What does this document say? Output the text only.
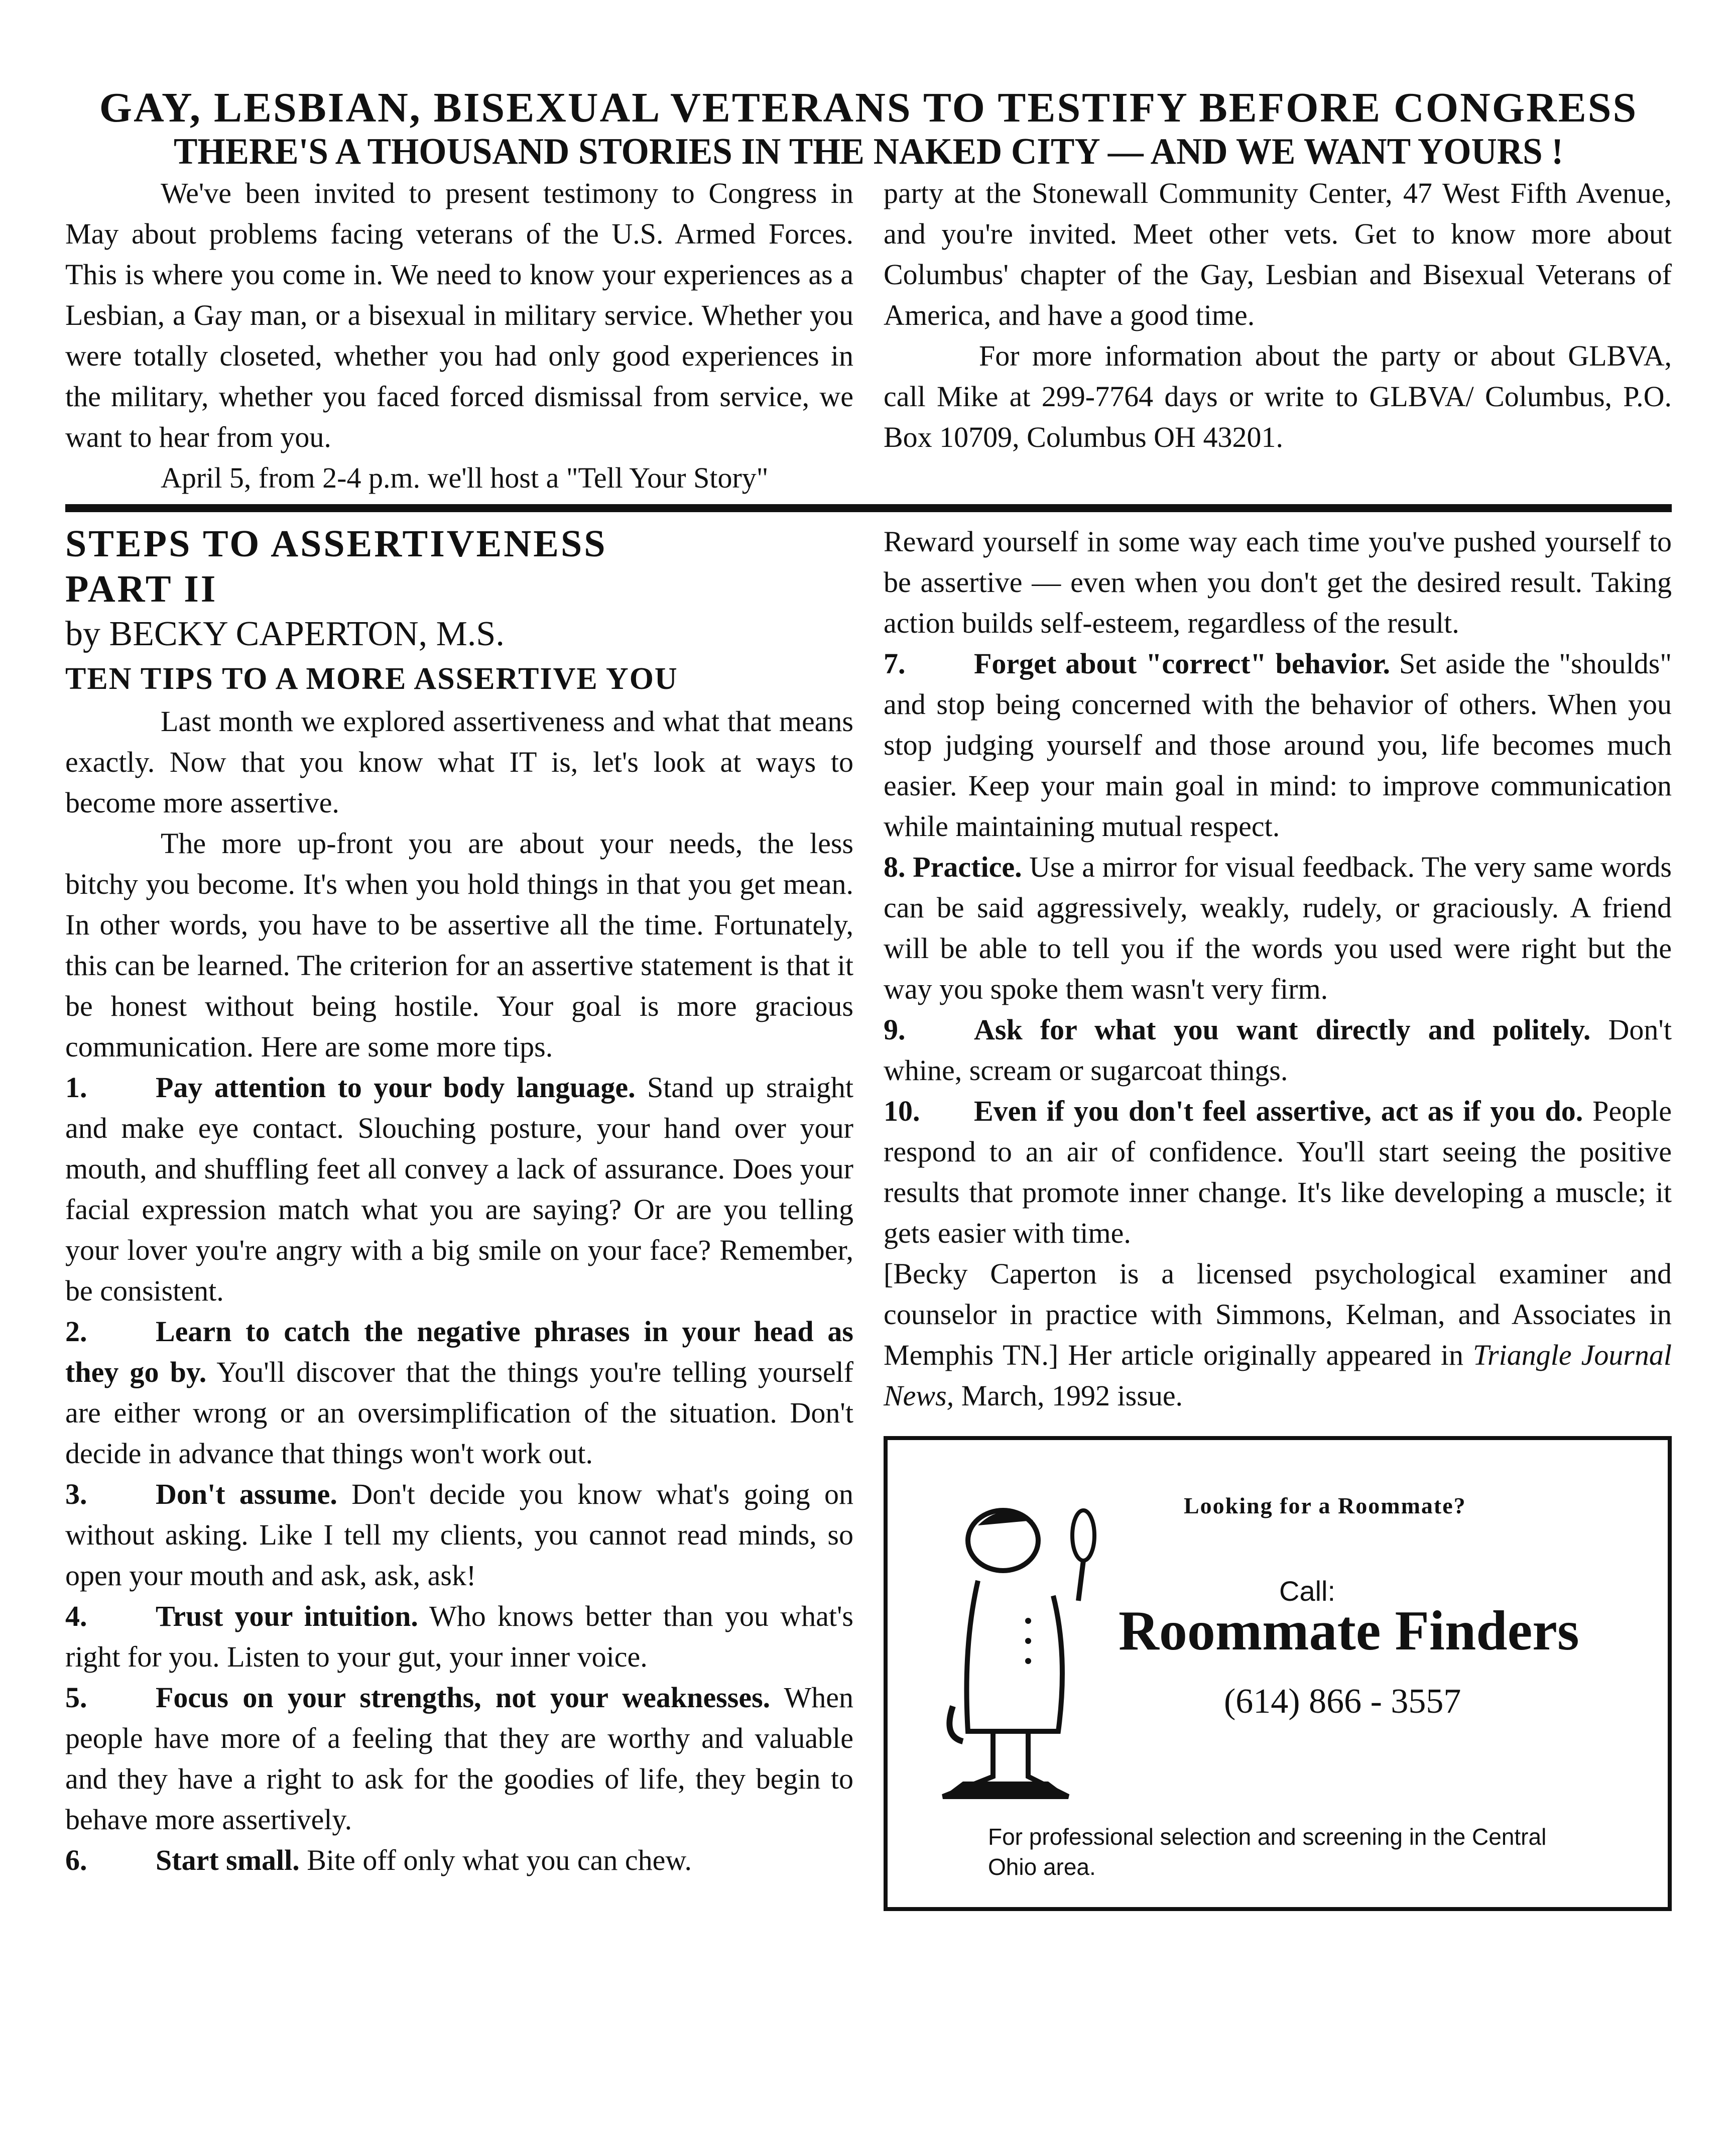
GAY, LESBIAN, BISEXUAL VETERANS TO TESTIFY BEFORE CONGRESS
THERE'S A THOUSAND STORIES IN THE NAKED CITY — AND WE WANT YOURS !

We've been invited to present testimony to Congress in May about problems facing veterans of the U.S. Armed Forces. This is where you come in. We need to know your experiences as a Lesbian, a Gay man, or a bisexual in military service. Whether you were totally closeted, whether you had only good experiences in the military, whether you faced forced dismissal from service, we want to hear from you.

April 5, from 2-4 p.m. we'll host a "Tell Your Story"

party at the Stonewall Community Center, 47 West Fifth Avenue, and you're invited. Meet other vets. Get to know more about Columbus' chapter of the Gay, Lesbian and Bisexual Veterans of America, and have a good time.

For more information about the party or about GLBVA, call Mike at 299-7764 days or write to GLBVA/ Columbus, P.O. Box 10709, Columbus OH 43201.

STEPS TO ASSERTIVENESS

PART II

by BECKY CAPERTON, M.S.

TEN TIPS TO A MORE ASSERTIVE YOU

Last month we explored assertiveness and what that means exactly. Now that you know what IT is, let's look at ways to become more assertive.

The more up-front you are about your needs, the less bitchy you become. It's when you hold things in that you get mean. In other words, you have to be assertive all the time. Fortunately, this can be learned. The criterion for an assertive statement is that it be honest without being hostile. Your goal is more gracious communication. Here are some more tips.

1. Pay attention to your body language. Stand up straight and make eye contact. Slouching posture, your hand over your mouth, and shuffling feet all convey a lack of assurance. Does your facial expression match what you are saying? Or are you telling your lover you're angry with a big smile on your face? Remember, be consistent.

2. Learn to catch the negative phrases in your head as they go by. You'll discover that the things you're telling yourself are either wrong or an oversimplification of the situation. Don't decide in advance that things won't work out.

3. Don't assume. Don't decide you know what's going on without asking. Like I tell my clients, you cannot read minds, so open your mouth and ask, ask, ask!

4. Trust your intuition. Who knows better than you what's right for you. Listen to your gut, your inner voice.

5. Focus on your strengths, not your weaknesses. When people have more of a feeling that they are worthy and valuable and they have a right to ask for the goodies of life, they begin to behave more assertively.

6. Start small. Bite off only what you can chew.

Reward yourself in some way each time you've pushed yourself to be assertive — even when you don't get the desired result. Taking action builds self-esteem, regardless of the result.

7. Forget about "correct" behavior. Set aside the "shoulds" and stop being concerned with the behavior of others. When you stop judging yourself and those around you, life becomes much easier. Keep your main goal in mind: to improve communication while maintaining mutual respect.

8. Practice. Use a mirror for visual feedback. The very same words can be said aggressively, weakly, rudely, or graciously. A friend will be able to tell you if the words you used were right but the way you spoke them wasn't very firm.

9. Ask for what you want directly and politely. Don't whine, scream or sugarcoat things.

10. Even if you don't feel assertive, act as if you do. People respond to an air of confidence. You'll start seeing the positive results that promote inner change. It's like developing a muscle; it gets easier with time.

[Becky Caperton is a licensed psychological examiner and counselor in practice with Simmons, Kelman, and Associates in Memphis TN.] Her article originally appeared in Triangle Journal News, March, 1992 issue.

Looking for a Roommate?
Call:
Roommate Finders
(614) 866 - 3557
For professional selection and screening in the Central Ohio area.
